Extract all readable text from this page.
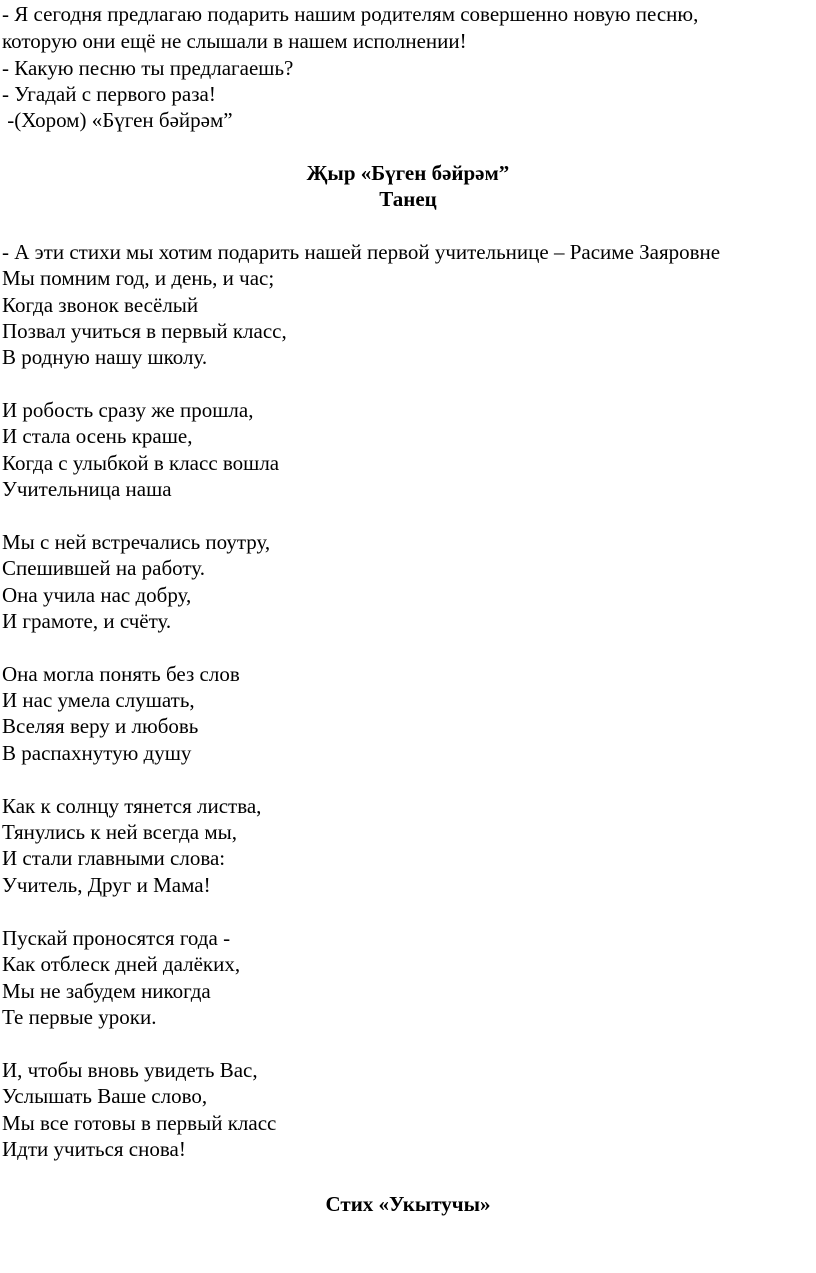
- Я сегодня предлагаю подарить нашим родителям совершенно новую песню,
которую они ещё не слышали в нашем исполнении!
- Какую песню ты предлагаешь?
- Угадай с первого раза!
-(Хором) «Бүген бәйрәм”
Җыр «Бүген бәйрәм”
Танец
- А эти стихи мы хотим подарить нашей первой учительнице – Расиме Заяровне
Мы помним год, и день, и час;
Когда звонок весёлый
Позвал учиться в первый класс,
В родную нашу школу.
И робость сразу же прошла,
И стала осень краше,
Когда с улыбкой в класс вошла
Учительница наша
Мы с ней встречались поутру,
Спешившей на работу.
Она учила нас добру,
И грамоте, и счёту.
Она могла понять без слов
И нас умела слушать,
Вселяя веру и любовь
В распахнутую душу
Как к солнцу тянется листва,
Тянулись к ней всегда мы,
И стали главными слова:
Учитель, Друг и Мама!
Пускай проносятся года -
Как отблеск дней далёких,
Мы не забудем никогда
Те первые уроки.
И, чтобы вновь увидеть Вас,
Услышать Ваше слово,
Мы все готовы в первый класс
Идти учиться снова!
Стих «Укытучы»
